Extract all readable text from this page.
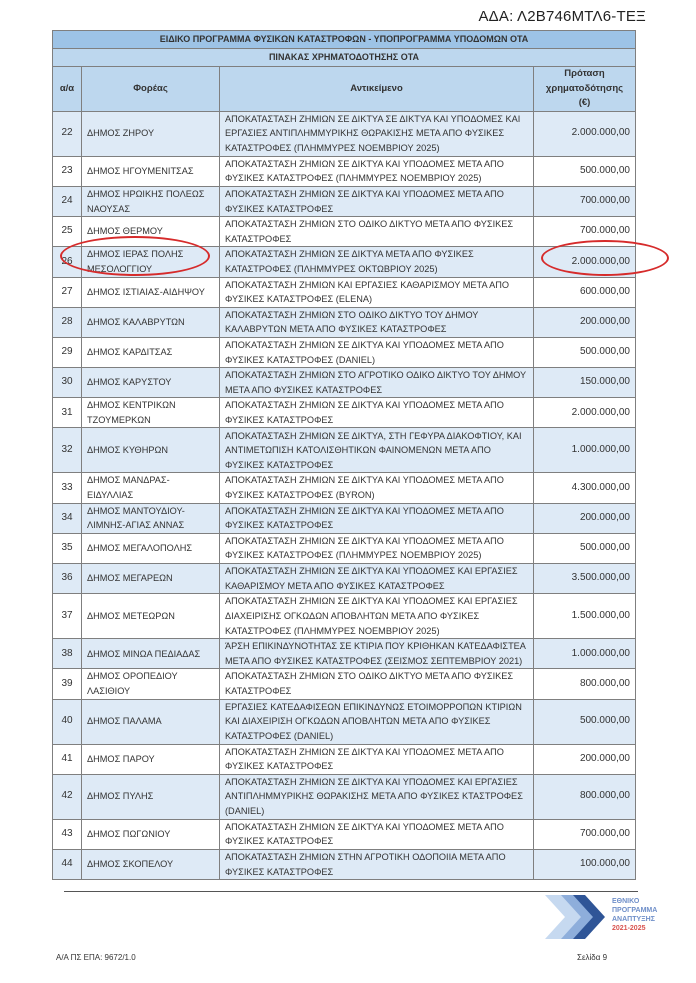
ΑΔΑ: Λ2Β746ΜΤΛ6-ΤΕΞ
ΕΙΔΙΚΟ ΠΡΟΓΡΑΜΜΑ ΦΥΣΙΚΩΝ ΚΑΤΑΣΤΡΟΦΩΝ - ΥΠΟΠΡΟΓΡΑΜΜΑ ΥΠΟΔΟΜΩΝ ΟΤΑ			
ΠΙΝΑΚΑΣ ΧΡΗΜΑΤΟΔΟΤΗΣΗΣ ΟΤΑ			
α/α	Φορέας	Αντικείμενο	Πρόταση χρηματοδότησης (€)
22	ΔΗΜΟΣ ΖΗΡΟΥ	ΑΠΟΚΑΤΑΣΤΑΣΗ ΖΗΜΙΩΝ ΣΕ ΔΙΚΤΥΑ ΣΕ ΔΙΚΤΥΑ ΚΑΙ ΥΠΟΔΟΜΕΣ ΚΑΙ ΕΡΓΑΣΙΕΣ ΑΝΤΙΠΛΗΜΜΥΡΙΚΗΣ ΘΩΡΑΚΙΣΗΣ ΜΕΤΑ ΑΠΟ ΦΥΣΙΚΕΣ ΚΑΤΑΣΤΡΟΦΕΣ (ΠΛΗΜΜΥΡΕΣ ΝΟΕΜΒΡΙΟΥ 2025)	2.000.000,00
23	ΔΗΜΟΣ ΗΓΟΥΜΕΝΙΤΣΑΣ	ΑΠΟΚΑΤΑΣΤΑΣΗ ΖΗΜΙΩΝ ΣΕ ΔΙΚΤΥΑ ΚΑΙ ΥΠΟΔΟΜΕΣ ΜΕΤΑ ΑΠΟ ΦΥΣΙΚΕΣ ΚΑΤΑΣΤΡΟΦΕΣ (ΠΛΗΜΜΥΡΕΣ ΝΟΕΜΒΡΙΟΥ 2025)	500.000,00
24	ΔΗΜΟΣ ΗΡΩΙΚΗΣ ΠΟΛΕΩΣ ΝΑΟΥΣΑΣ	ΑΠΟΚΑΤΑΣΤΑΣΗ ΖΗΜΙΩΝ ΣΕ ΔΙΚΤΥΑ ΚΑΙ ΥΠΟΔΟΜΕΣ ΜΕΤΑ ΑΠΟ ΦΥΣΙΚΕΣ ΚΑΤΑΣΤΡΟΦΕΣ	700.000,00
25	ΔΗΜΟΣ ΘΕΡΜΟΥ	ΑΠΟΚΑΤΑΣΤΑΣΗ ΖΗΜΙΩΝ ΣΤΟ ΟΔΙΚΟ ΔΙΚΤΥΟ ΜΕΤΑ ΑΠΟ ΦΥΣΙΚΕΣ ΚΑΤΑΣΤΡΟΦΕΣ	700.000,00
26	ΔΗΜΟΣ ΙΕΡΑΣ ΠΟΛΗΣ ΜΕΣΟΛΟΓΓΙΟΥ	ΑΠΟΚΑΤΑΣΤΑΣΗ ΖΗΜΙΩΝ ΣΕ ΔΙΚΤΥΑ ΜΕΤΑ ΑΠΟ ΦΥΣΙΚΕΣ ΚΑΤΑΣΤΡΟΦΕΣ (ΠΛΗΜΜΥΡΕΣ ΟΚΤΩΒΡΙΟΥ 2025)	2.000.000,00
27	ΔΗΜΟΣ ΙΣΤΙΑΙΑΣ-ΑΙΔΗΨΟΥ	ΑΠΟΚΑΤΑΣΤΑΣΗ ΖΗΜΙΩΝ ΚΑΙ ΕΡΓΑΣΙΕΣ ΚΑΘΑΡΙΣΜΟΥ ΜΕΤΑ ΑΠΟ ΦΥΣΙΚΕΣ ΚΑΤΑΣΤΡΟΦΕΣ (ELENA)	600.000,00
28	ΔΗΜΟΣ ΚΑΛΑΒΡΥΤΩΝ	ΑΠΟΚΑΤΑΣΤΑΣΗ ΖΗΜΙΩΝ ΣΤΟ ΟΔΙΚΟ ΔΙΚΤΥΟ ΤΟΥ ΔΗΜΟΥ ΚΑΛΑΒΡΥΤΩΝ ΜΕΤΑ ΑΠΟ ΦΥΣΙΚΕΣ ΚΑΤΑΣΤΡΟΦΕΣ	200.000,00
29	ΔΗΜΟΣ ΚΑΡΔΙΤΣΑΣ	ΑΠΟΚΑΤΑΣΤΑΣΗ ΖΗΜΙΩΝ ΣΕ ΔΙΚΤΥΑ ΚΑΙ ΥΠΟΔΟΜΕΣ ΜΕΤΑ ΑΠΟ ΦΥΣΙΚΕΣ ΚΑΤΑΣΤΡΟΦΕΣ (DANIEL)	500.000,00
30	ΔΗΜΟΣ ΚΑΡΥΣΤΟΥ	ΑΠΟΚΑΤΑΣΤΑΣΗ ΖΗΜΙΩΝ ΣΤΟ ΑΓΡΟΤΙΚΟ ΟΔΙΚΟ ΔΙΚΤΥΟ ΤΟΥ ΔΗΜΟΥ ΜΕΤΑ ΑΠΟ ΦΥΣΙΚΕΣ ΚΑΤΑΣΤΡΟΦΕΣ	150.000,00
31	ΔΗΜΟΣ ΚΕΝΤΡΙΚΩΝ ΤΖΟΥΜΕΡΚΩΝ	ΑΠΟΚΑΤΑΣΤΑΣΗ ΖΗΜΙΩΝ ΣΕ ΔΙΚΤΥΑ ΚΑΙ ΥΠΟΔΟΜΕΣ ΜΕΤΑ ΑΠΟ ΦΥΣΙΚΕΣ ΚΑΤΑΣΤΡΟΦΕΣ	2.000.000,00
32	ΔΗΜΟΣ ΚΥΘΗΡΩΝ	ΑΠΟΚΑΤΑΣΤΑΣΗ ΖΗΜΙΩΝ ΣΕ ΔΙΚΤΥΑ, ΣΤΗ ΓΕΦΥΡΑ ΔΙΑΚΟΦΤΙΟΥ, ΚΑΙ ΑΝΤΙΜΕΤΩΠΙΣΗ ΚΑΤΟΛΙΣΘΗΤΙΚΩΝ ΦΑΙΝΟΜΕΝΩΝ ΜΕΤΑ ΑΠΟ ΦΥΣΙΚΕΣ ΚΑΤΑΣΤΡΟΦΕΣ	1.000.000,00
33	ΔΗΜΟΣ ΜΑΝΔΡΑΣ-ΕΙΔΥΛΛΙΑΣ	ΑΠΟΚΑΤΑΣΤΑΣΗ ΖΗΜΙΩΝ ΣΕ ΔΙΚΤΥΑ ΚΑΙ ΥΠΟΔΟΜΕΣ ΜΕΤΑ ΑΠΟ ΦΥΣΙΚΕΣ ΚΑΤΑΣΤΡΟΦΕΣ (BYRON)	4.300.000,00
34	ΔΗΜΟΣ ΜΑΝΤΟΥΔΙΟΥ-ΛΙΜΝΗΣ-ΑΓΙΑΣ ΑΝΝΑΣ	ΑΠΟΚΑΤΑΣΤΑΣΗ ΖΗΜΙΩΝ ΣΕ ΔΙΚΤΥΑ ΚΑΙ ΥΠΟΔΟΜΕΣ ΜΕΤΑ ΑΠΟ ΦΥΣΙΚΕΣ ΚΑΤΑΣΤΡΟΦΕΣ	200.000,00
35	ΔΗΜΟΣ ΜΕΓΑΛΟΠΟΛΗΣ	ΑΠΟΚΑΤΑΣΤΑΣΗ ΖΗΜΙΩΝ ΣΕ ΔΙΚΤΥΑ ΚΑΙ ΥΠΟΔΟΜΕΣ ΜΕΤΑ ΑΠΟ ΦΥΣΙΚΕΣ ΚΑΤΑΣΤΡΟΦΕΣ (ΠΛΗΜΜΥΡΕΣ ΝΟΕΜΒΡΙΟΥ 2025)	500.000,00
36	ΔΗΜΟΣ ΜΕΓΑΡΕΩΝ	ΑΠΟΚΑΤΑΣΤΑΣΗ ΖΗΜΙΩΝ ΣΕ ΔΙΚΤΥΑ ΚΑΙ ΥΠΟΔΟΜΕΣ ΚΑΙ ΕΡΓΑΣΙΕΣ ΚΑΘΑΡΙΣΜΟΥ ΜΕΤΑ ΑΠΟ ΦΥΣΙΚΕΣ ΚΑΤΑΣΤΡΟΦΕΣ	3.500.000,00
37	ΔΗΜΟΣ ΜΕΤΕΩΡΩΝ	ΑΠΟΚΑΤΑΣΤΑΣΗ ΖΗΜΙΩΝ ΣΕ ΔΙΚΤΥΑ ΚΑΙ ΥΠΟΔΟΜΕΣ ΚΑΙ ΕΡΓΑΣΙΕΣ ΔΙΑΧΕΙΡΙΣΗΣ ΟΓΚΩΔΩΝ ΑΠΟΒΛΗΤΩΝ ΜΕΤΑ ΑΠΟ ΦΥΣΙΚΕΣ ΚΑΤΑΣΤΡΟΦΕΣ (ΠΛΗΜΜΥΡΕΣ ΝΟΕΜΒΡΙΟΥ 2025)	1.500.000,00
38	ΔΗΜΟΣ ΜΙΝΩΑ ΠΕΔΙΑΔΑΣ	ΆΡΣΗ ΕΠΙΚΙΝΔΥΝΟΤΗΤΑΣ ΣΕ ΚΤΙΡΙΑ ΠΟΥ ΚΡΙΘΗΚΑΝ ΚΑΤΕΔΑΦΙΣΤΕΑ ΜΕΤΑ ΑΠΟ ΦΥΣΙΚΕΣ ΚΑΤΑΣΤΡΟΦΕΣ (ΣΕΙΣΜΟΣ ΣΕΠΤΕΜΒΡΙΟΥ 2021)	1.000.000,00
39	ΔΗΜΟΣ ΟΡΟΠΕΔΙΟΥ ΛΑΣΙΘΙΟΥ	ΑΠΟΚΑΤΑΣΤΑΣΗ ΖΗΜΙΩΝ ΣΤΟ ΟΔΙΚΟ ΔΙΚΤΥΟ ΜΕΤΑ ΑΠΟ ΦΥΣΙΚΕΣ ΚΑΤΑΣΤΡΟΦΕΣ	800.000,00
40	ΔΗΜΟΣ ΠΑΛΑΜΑ	ΕΡΓΑΣΙΕΣ ΚΑΤΕΔΑΦΙΣΕΩΝ ΕΠΙΚΙΝΔΥΝΩΣ ΕΤΟΙΜΟΡΡΟΠΩΝ ΚΤΙΡΙΩΝ ΚΑΙ ΔΙΑΧΕΙΡΙΣΗ ΟΓΚΩΔΩΝ ΑΠΟΒΛΗΤΩΝ ΜΕΤΑ ΑΠΟ ΦΥΣΙΚΕΣ ΚΑΤΑΣΤΡΟΦΕΣ (DANIEL)	500.000,00
41	ΔΗΜΟΣ ΠΑΡΟΥ	ΑΠΟΚΑΤΑΣΤΑΣΗ ΖΗΜΙΩΝ ΣΕ ΔΙΚΤΥΑ ΚΑΙ ΥΠΟΔΟΜΕΣ ΜΕΤΑ ΑΠΟ ΦΥΣΙΚΕΣ ΚΑΤΑΣΤΡΟΦΕΣ	200.000,00
42	ΔΗΜΟΣ ΠΥΛΗΣ	ΑΠΟΚΑΤΑΣΤΑΣΗ ΖΗΜΙΩΝ ΣΕ ΔΙΚΤΥΑ ΚΑΙ ΥΠΟΔΟΜΕΣ ΚΑΙ ΕΡΓΑΣΙΕΣ ΑΝΤΙΠΛΗΜΜΥΡΙΚΗΣ ΘΩΡΑΚΙΣΗΣ ΜΕΤΑ ΑΠΟ ΦΥΣΙΚΕΣ ΚΤΑΣΤΡΟΦΕΣ (DANIEL)	800.000,00
43	ΔΗΜΟΣ ΠΩΓΩΝΙΟΥ	ΑΠΟΚΑΤΑΣΤΑΣΗ ΖΗΜΙΩΝ ΣΕ ΔΙΚΤΥΑ ΚΑΙ ΥΠΟΔΟΜΕΣ ΜΕΤΑ ΑΠΟ ΦΥΣΙΚΕΣ ΚΑΤΑΣΤΡΟΦΕΣ	700.000,00
44	ΔΗΜΟΣ ΣΚΟΠΕΛΟΥ	ΑΠΟΚΑΤΑΣΤΑΣΗ ΖΗΜΙΩΝ ΣΤΗΝ ΑΓΡΟΤΙΚΗ ΟΔΟΠΟΙΙΑ ΜΕΤΑ ΑΠΟ ΦΥΣΙΚΕΣ ΚΑΤΑΣΤΡΟΦΕΣ	100.000,00
ΕΘΝΙΚΟ
ΠΡΟΓΡΑΜΜΑ
ΑΝΑΠΤΥΞΗΣ
2021-2025
Α/Α ΠΣ ΕΠΑ: 9672/1.0	Σελίδα 9
